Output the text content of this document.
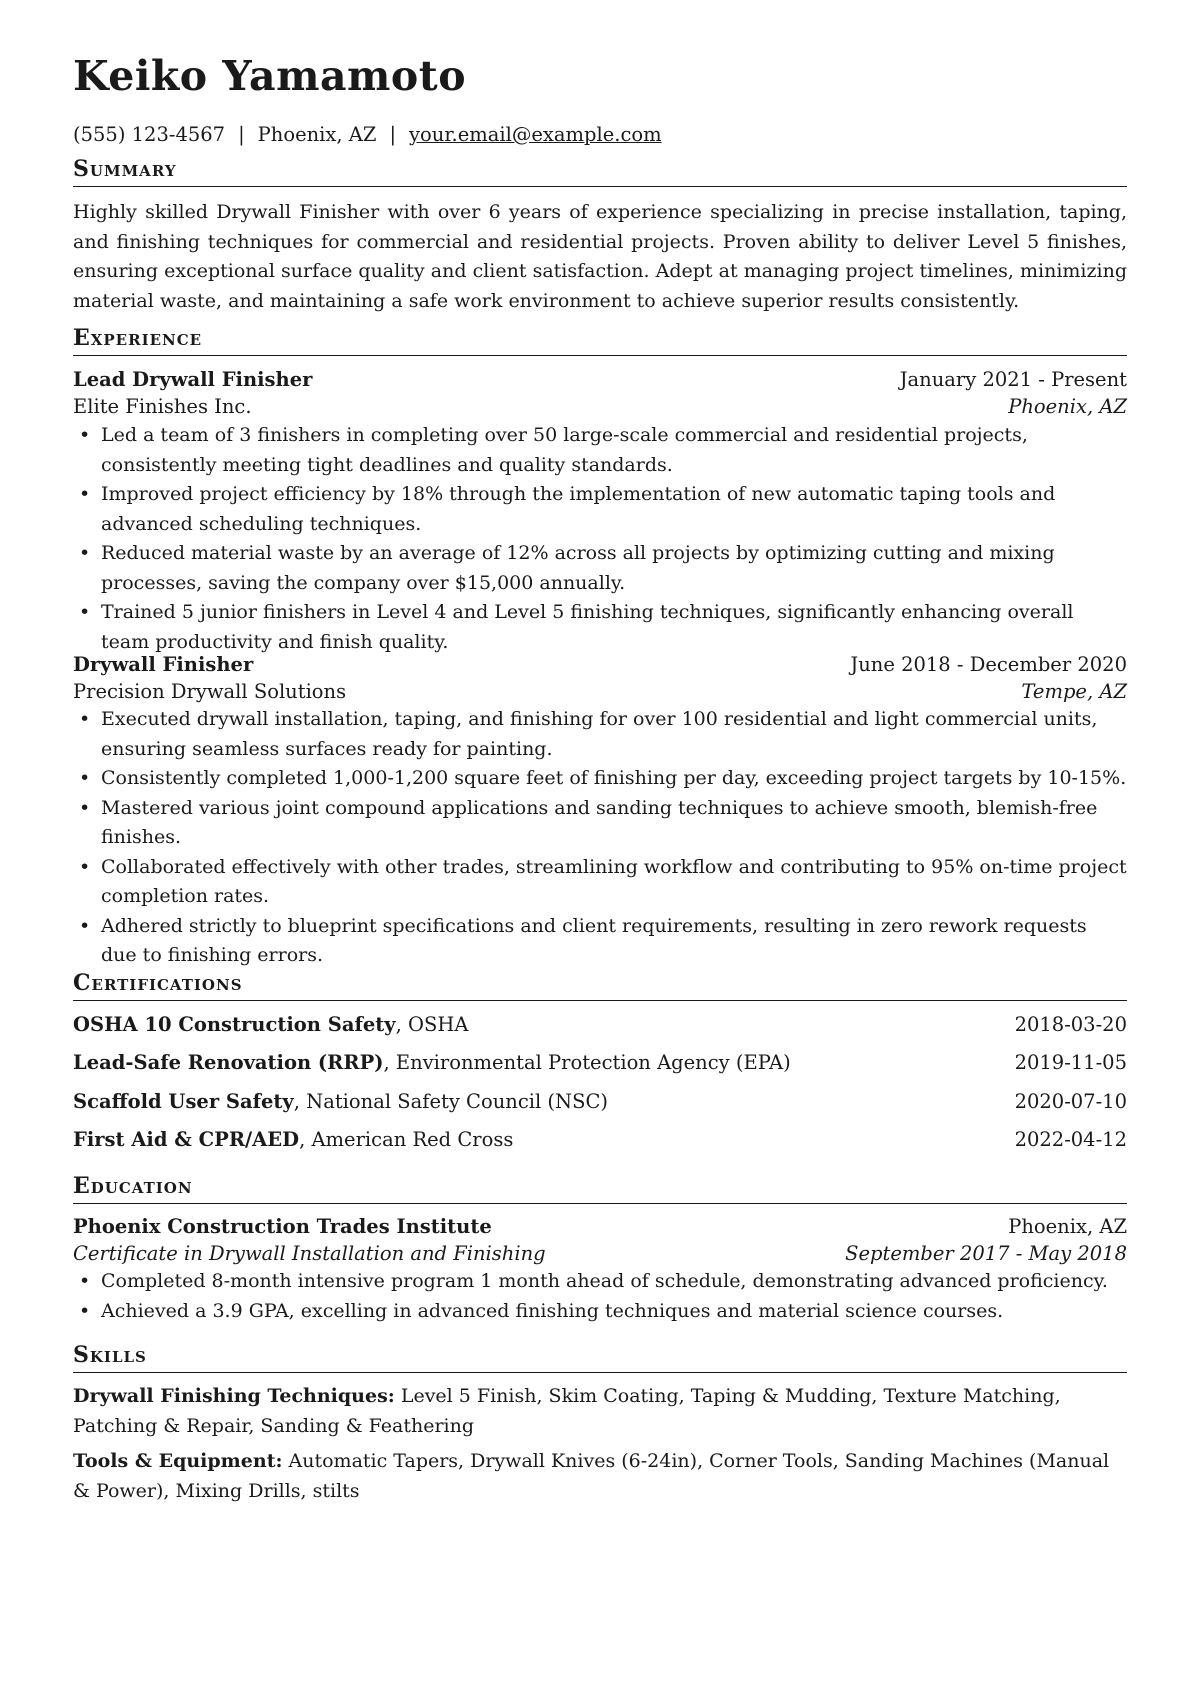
Keiko Yamamoto
(555) 123-4567 | Phoenix, AZ | your.email@example.com
Summary
Highly skilled Drywall Finisher with over 6 years of experience specializing in precise installation, taping, and finishing techniques for commercial and residential projects. Proven ability to deliver Level 5 finishes, ensuring exceptional surface quality and client satisfaction. Adept at managing project timelines, minimizing material waste, and maintaining a safe work environment to achieve superior results consistently.
Experience
Lead Drywall Finisher	January 2021 - Present
Elite Finishes Inc.	Phoenix, AZ
• Led a team of 3 finishers in completing over 50 large-scale commercial and residential projects, consistently meeting tight deadlines and quality standards.
• Improved project efficiency by 18% through the implementation of new automatic taping tools and advanced scheduling techniques.
• Reduced material waste by an average of 12% across all projects by optimizing cutting and mixing processes, saving the company over $15,000 annually.
• Trained 5 junior finishers in Level 4 and Level 5 finishing techniques, significantly enhancing overall team productivity and finish quality.
Drywall Finisher	June 2018 - December 2020
Precision Drywall Solutions	Tempe, AZ
• Executed drywall installation, taping, and finishing for over 100 residential and light commercial units, ensuring seamless surfaces ready for painting.
• Consistently completed 1,000-1,200 square feet of finishing per day, exceeding project targets by 10-15%.
• Mastered various joint compound applications and sanding techniques to achieve smooth, blemish-free finishes.
• Collaborated effectively with other trades, streamlining workflow and contributing to 95% on-time project completion rates.
• Adhered strictly to blueprint specifications and client requirements, resulting in zero rework requests due to finishing errors.
Certifications
OSHA 10 Construction Safety, OSHA	2018-03-20
Lead-Safe Renovation (RRP), Environmental Protection Agency (EPA)	2019-11-05
Scaffold User Safety, National Safety Council (NSC)	2020-07-10
First Aid & CPR/AED, American Red Cross	2022-04-12
Education
Phoenix Construction Trades Institute	Phoenix, AZ
Certificate in Drywall Installation and Finishing	September 2017 - May 2018
• Completed 8-month intensive program 1 month ahead of schedule, demonstrating advanced proficiency.
• Achieved a 3.9 GPA, excelling in advanced finishing techniques and material science courses.
Skills
Drywall Finishing Techniques: Level 5 Finish, Skim Coating, Taping & Mudding, Texture Matching, Patching & Repair, Sanding & Feathering
Tools & Equipment: Automatic Tapers, Drywall Knives (6-24in), Corner Tools, Sanding Machines (Manual & Power), Mixing Drills, stilts
